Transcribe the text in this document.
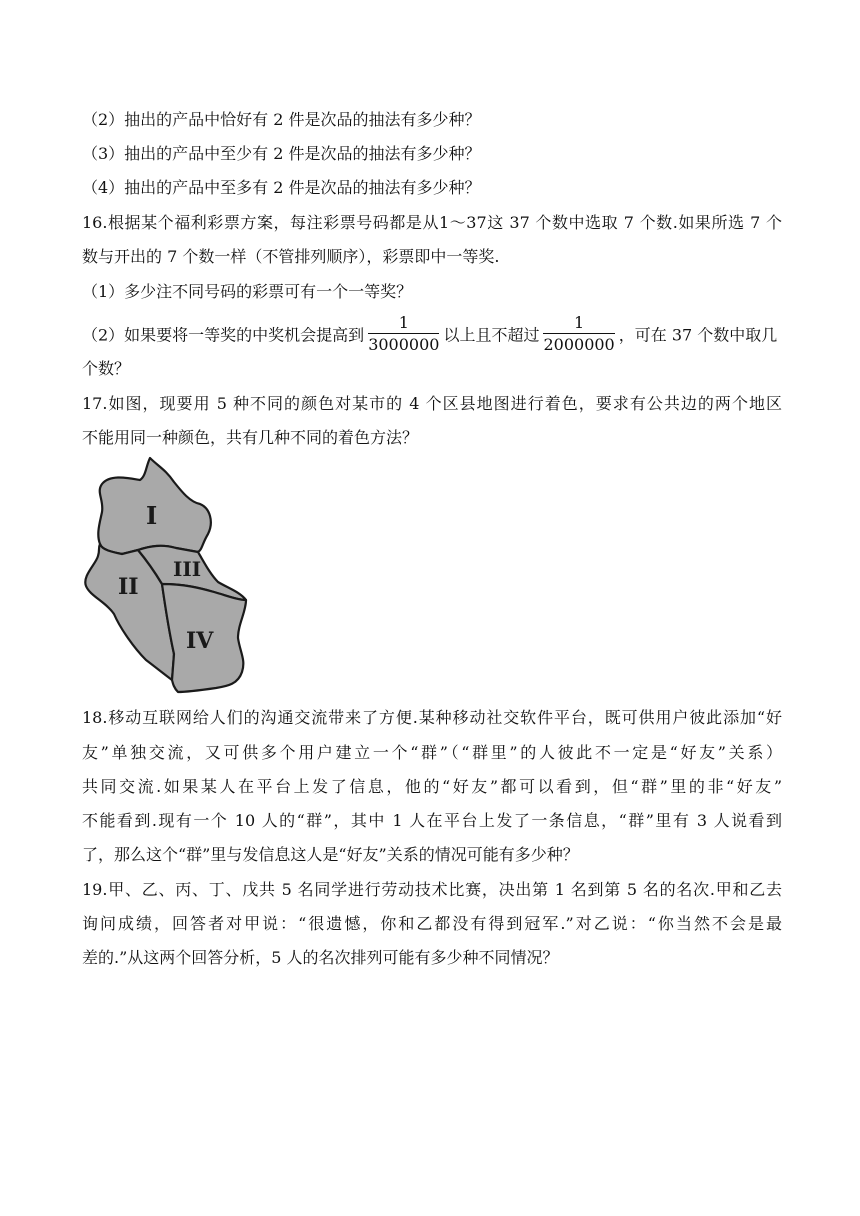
（2）抽出的产品中恰好有 2 件是次品的抽法有多少种？
（3）抽出的产品中至少有 2 件是次品的抽法有多少种？
（4）抽出的产品中至多有 2 件是次品的抽法有多少种？
16.根据某个福利彩票方案，每注彩票号码都是从1～37这 37 个数中选取 7 个数.如果所选 7 个
数与开出的 7 个数一样（不管排列顺序），彩票即中一等奖.
（1）多少注不同号码的彩票可有一个一等奖？
（2）如果要将一等奖的中奖机会提高到 $\frac{1}{3000000}$ 以上且不超过 $\frac{1}{2000000}$ ，可在 37 个数中取几
个数？
17.如图，现要用 5 种不同的颜色对某市的 4 个区县地图进行着色，要求有公共边的两个地区
不能用同一种颜色，共有几种不同的着色方法？
I
II
III
IV
18.移动互联网给人们的沟通交流带来了方便.某种移动社交软件平台，既可供用户彼此添加“好
友”单独交流，又可供多个用户建立一个“群”（“群里”的人彼此不一定是“好友”关系）
共同交流.如果某人在平台上发了信息，他的“好友”都可以看到，但“群”里的非“好友”
不能看到.现有一个 10 人的“群”，其中 1 人在平台上发了一条信息，“群”里有 3 人说看到
了，那么这个“群”里与发信息这人是“好友”关系的情况可能有多少种？
19.甲、乙、丙、丁、戊共 5 名同学进行劳动技术比赛，决出第 1 名到第 5 名的名次.甲和乙去
询问成绩，回答者对甲说：“很遗憾，你和乙都没有得到冠军.”对乙说：“你当然不会是最
差的.”从这两个回答分析，5 人的名次排列可能有多少种不同情况？
